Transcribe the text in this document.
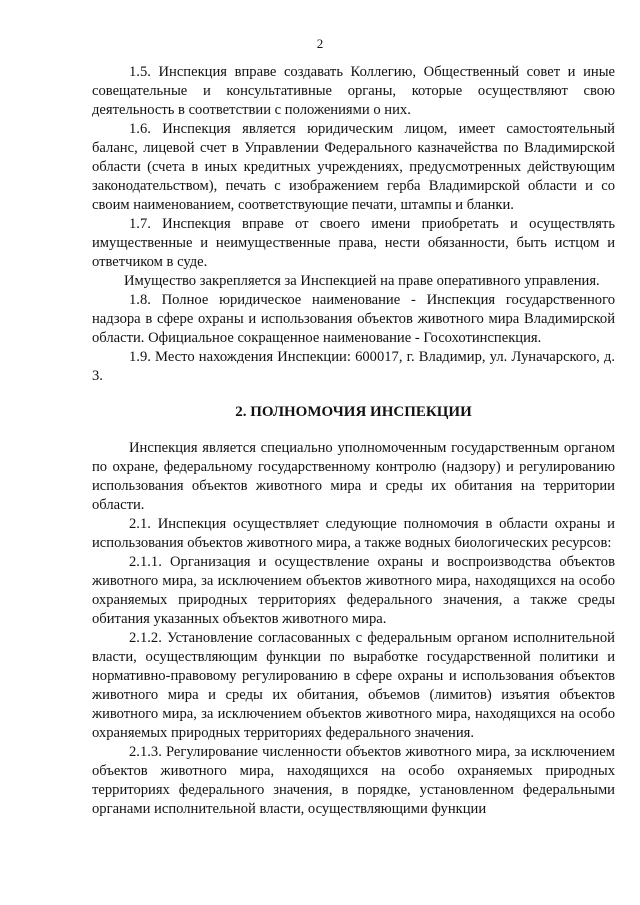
2

1.5. Инспекция вправе создавать Коллегию, Общественный совет и иные совещательные и консультативные органы, которые осуществляют свою деятельность в соответствии с положениями о них.

1.6. Инспекция является юридическим лицом, имеет самостоятельный баланс, лицевой счет в Управлении Федерального казначейства по Владимирской области (счета в иных кредитных учреждениях, предусмотренных действующим законодательством), печать с изображением герба Владимирской области и со своим наименованием, соответствующие печати, штампы и бланки.

1.7. Инспекция вправе от своего имени приобретать и осуществлять имущественные и неимущественные права, нести обязанности, быть истцом и ответчиком в суде.

Имущество закрепляется за Инспекцией на праве оперативного управления.

1.8. Полное юридическое наименование - Инспекция государственного надзора в сфере охраны и использования объектов животного мира Владимирской области. Официальное сокращенное наименование - Госохотинспекция.

1.9. Место нахождения Инспекции: 600017, г. Владимир, ул. Луначарского, д. 3.

2. ПОЛНОМОЧИЯ ИНСПЕКЦИИ

Инспекция является специально уполномоченным государственным органом по охране, федеральному государственному контролю (надзору) и регулированию использования объектов животного мира и среды их обитания на территории области.

2.1. Инспекция осуществляет следующие полномочия в области охраны и использования объектов животного мира, а также водных биологических ресурсов:

2.1.1. Организация и осуществление охраны и воспроизводства объектов животного мира, за исключением объектов животного мира, находящихся на особо охраняемых природных территориях федерального значения, а также среды обитания указанных объектов животного мира.

2.1.2. Установление согласованных с федеральным органом исполнительной власти, осуществляющим функции по выработке государственной политики и нормативно-правовому регулированию в сфере охраны и использования объектов животного мира и среды их обитания, объемов (лимитов) изъятия объектов животного мира, за исключением объектов животного мира, находящихся на особо охраняемых природных территориях федерального значения.

2.1.3. Регулирование численности объектов животного мира, за исключением объектов животного мира, находящихся на особо охраняемых природных территориях федерального значения, в порядке, установленном федеральными органами исполнительной власти, осуществляющими функции
